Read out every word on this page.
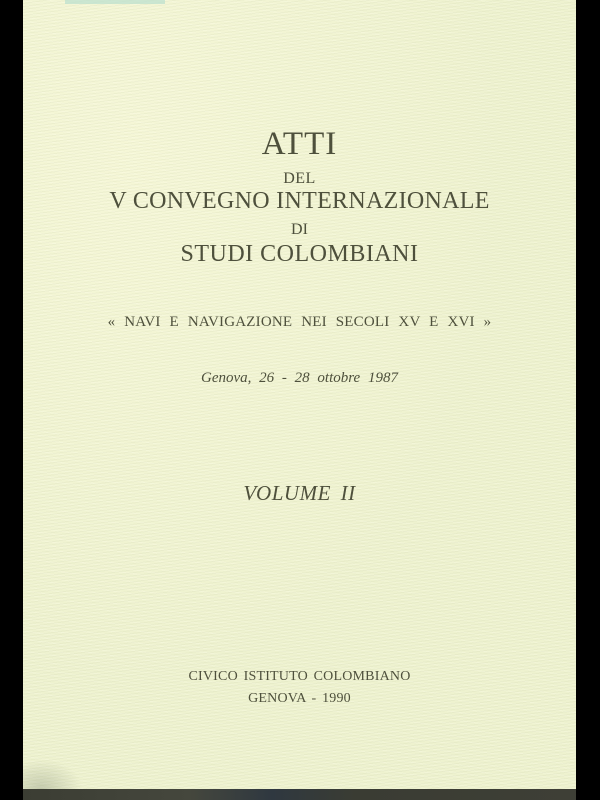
ATTI
DEL
V CONVEGNO INTERNAZIONALE
DI
STUDI COLOMBIANI
« NAVI E NAVIGAZIONE NEI SECOLI XV E XVI »
Genova, 26 - 28 ottobre 1987
VOLUME II
CIVICO ISTITUTO COLOMBIANO
GENOVA - 1990
